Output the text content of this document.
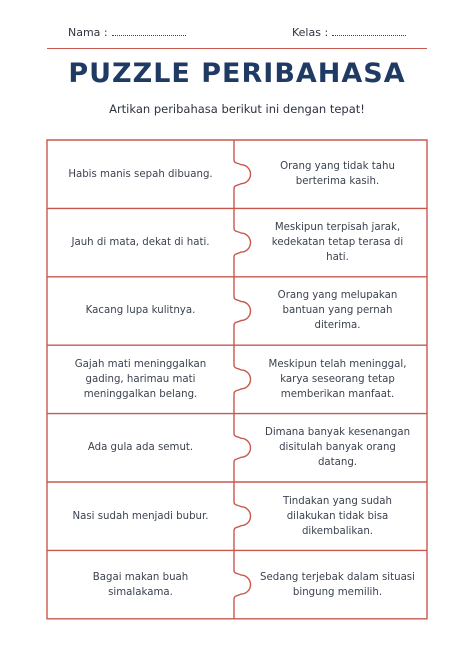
Nama :	Kelas :
PUZZLE PERIBAHASA
Artikan peribahasa berikut ini dengan tepat!
Habis manis sepah dibuang.
Orang yang tidak tahu berterima kasih.
Jauh di mata, dekat di hati.
Meskipun terpisah jarak, kedekatan tetap terasa di hati.
Kacang lupa kulitnya.
Orang yang melupakan bantuan yang pernah diterima.
Gajah mati meninggalkan gading, harimau mati meninggalkan belang.
Meskipun telah meninggal, karya seseorang tetap memberikan manfaat.
Ada gula ada semut.
Dimana banyak kesenangan disitulah banyak orang datang.
Nasi sudah menjadi bubur.
Tindakan yang sudah dilakukan tidak bisa dikembalikan.
Bagai makan buah simalakama.
Sedang terjebak dalam situasi bingung memilih.
